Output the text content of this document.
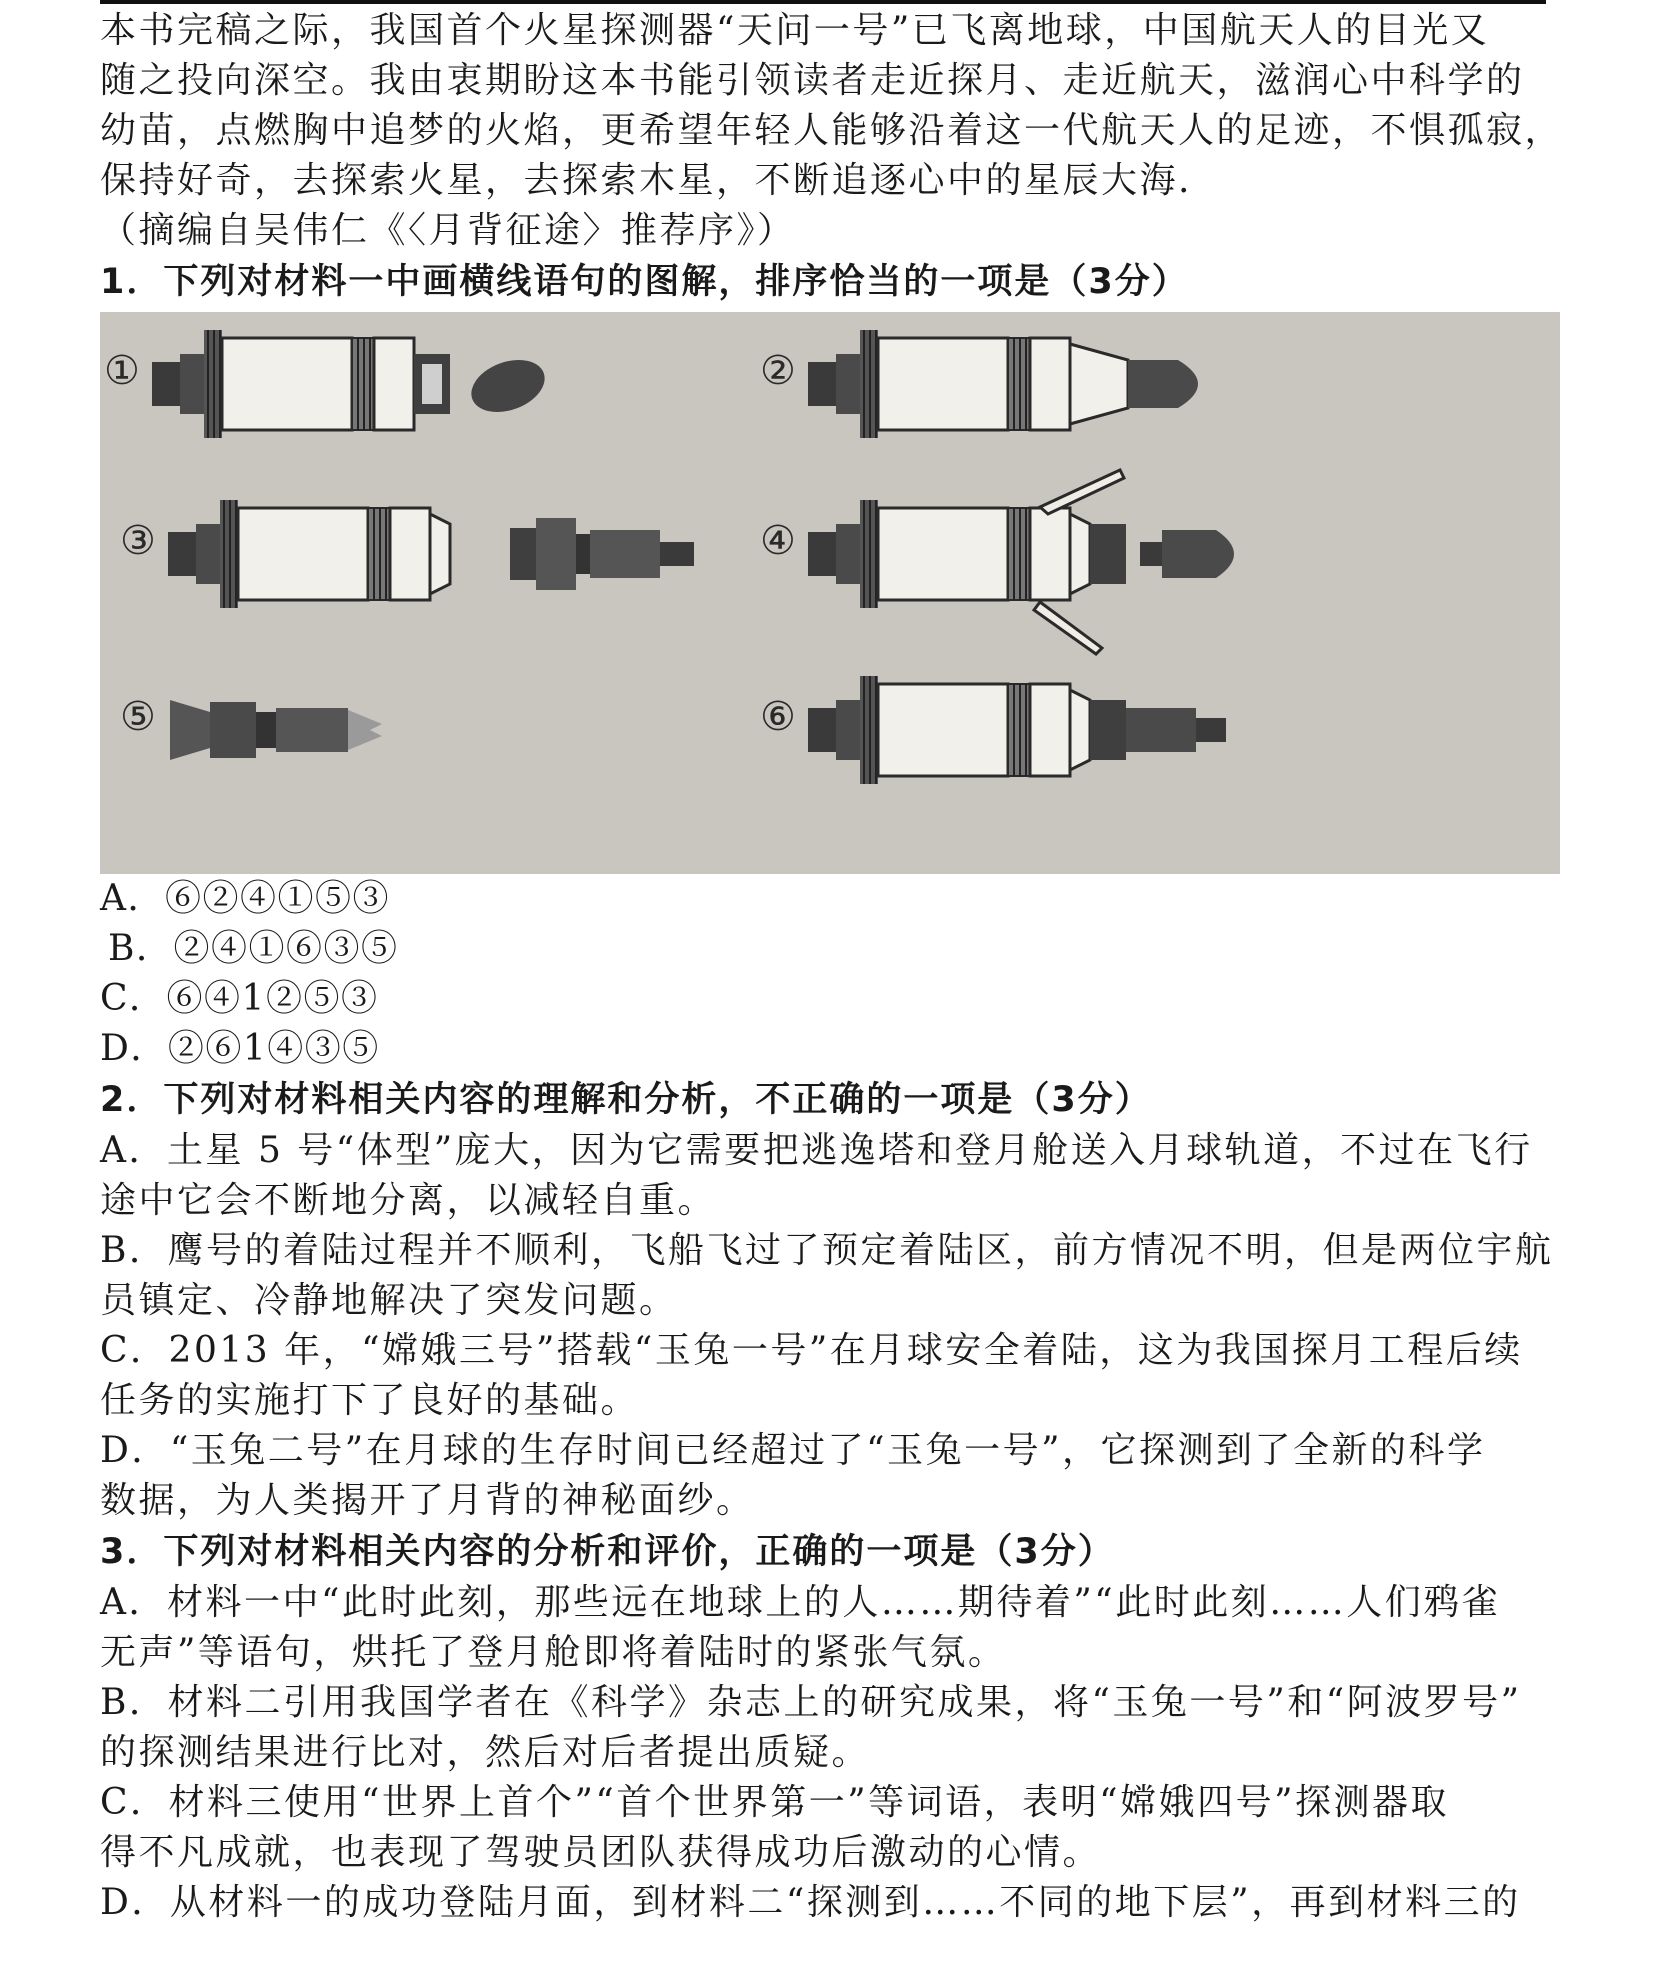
本书完稿之际，我国首个火星探测器“天问一号”已飞离地球，中国航天人的目光又

随之投向深空。我由衷期盼这本书能引领读者走近探月、走近航天，滋润心中科学的

幼苗，点燃胸中追梦的火焰，更希望年轻人能够沿着这一代航天人的足迹，不惧孤寂，

保持好奇，去探索火星，去探索木星，不断追逐心中的星辰大海.

（摘编自吴伟仁《〈月背征途〉推荐序》）

1．下列对材料一中画横线语句的图解，排序恰当的一项是（3分）

①	②
③	④
⑤	⑥

A．⑥②④①⑤③

B．②④①⑥③⑤

C．⑥④1②⑤③

D．②⑥1④③⑤

2．下列对材料相关内容的理解和分析，不正确的一项是（3分）

A．土星 5 号“体型”庞大，因为它需要把逃逸塔和登月舱送入月球轨道，不过在飞行

途中它会不断地分离，以减轻自重。

B．鹰号的着陆过程并不顺利，飞船飞过了预定着陆区，前方情况不明，但是两位宇航

员镇定、冷静地解决了突发问题。

C．2013 年，“嫦娥三号”搭载“玉兔一号”在月球安全着陆，这为我国探月工程后续

任务的实施打下了良好的基础。

D．“玉兔二号”在月球的生存时间已经超过了“玉兔一号”，它探测到了全新的科学

数据，为人类揭开了月背的神秘面纱。

3．下列对材料相关内容的分析和评价，正确的一项是（3分）

A．材料一中“此时此刻，那些远在地球上的人……期待着”“此时此刻……人们鸦雀

无声”等语句，烘托了登月舱即将着陆时的紧张气氛。

B．材料二引用我国学者在《科学》杂志上的研究成果，将“玉兔一号”和“阿波罗号”

的探测结果进行比对，然后对后者提出质疑。

C．材料三使用“世界上首个”“首个世界第一”等词语，表明“嫦娥四号”探测器取

得不凡成就，也表现了驾驶员团队获得成功后激动的心情。

D．从材料一的成功登陆月面，到材料二“探测到……不同的地下层”，再到材料三的
